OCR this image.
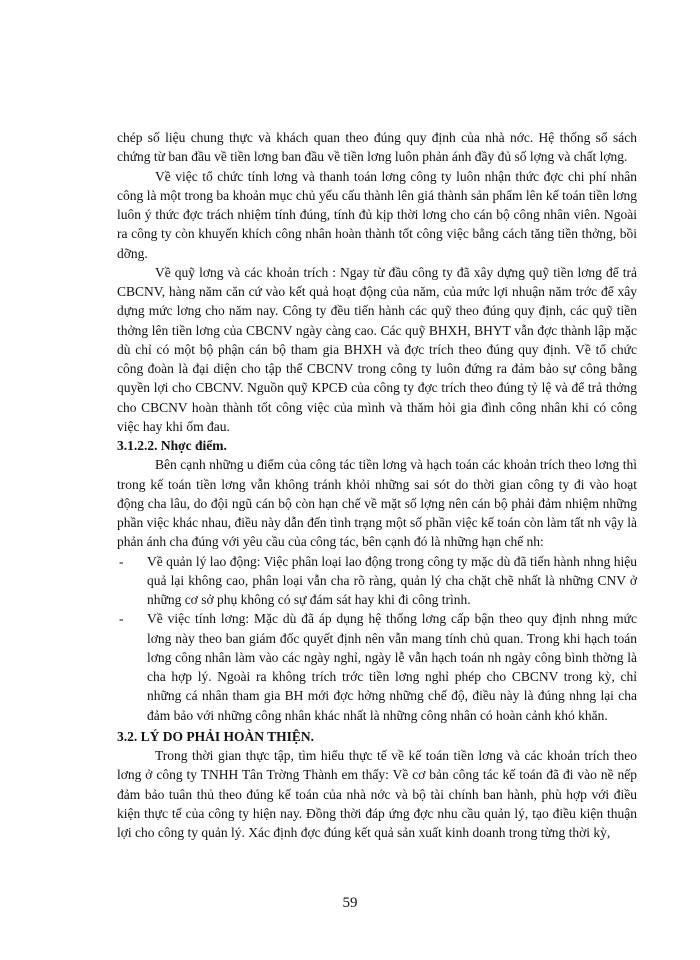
chép số liệu chung thực và khách quan theo đúng quy định của nhà nớc. Hệ thống sổ sách chứng từ ban đầu về tiền lơng ban đầu về tiền lơng luôn phản ánh đầy đủ số lợng và chất lợng.

Về việc tổ chức tính lơng và thanh toán lơng công ty luôn nhận thức đợc chi phí nhân công là một trong ba khoản mục chủ yếu cấu thành lên giá thành sản phẩm lên kế toán tiền lơng luôn ý thức đợc trách nhiệm tính đúng, tính đủ kịp thời lơng cho cán bộ công nhân viên. Ngoài ra công ty còn khuyến khích công nhân hoàn thành tốt công việc bằng cách tăng tiền thởng, bồi dỡng.

Về quỹ lơng và các khoản trích : Ngay từ đầu công ty đã xây dựng quỹ tiền lơng để trả CBCNV, hàng năm căn cứ vào kết quả hoạt động của năm, của mức lợi nhuận năm trớc để xây dựng mức lơng cho năm nay. Công ty đều tiến hành các quỹ theo đúng quy định, các quỹ tiền thởng lên tiền lơng của CBCNV ngày càng cao. Các quỹ BHXH, BHYT vẫn đợc thành lập mặc dù chỉ có một bộ phận cán bộ tham gia BHXH và đợc trích theo đúng quy định. Về tổ chức công đoàn là đại diện cho tập thể CBCNV trong công ty luôn đứng ra đảm bảo sự công bằng quyền lợi cho CBCNV. Nguồn quỹ KPCĐ của công ty đợc trích theo đúng tỷ lệ và để trả thởng cho CBCNV hoàn thành tốt công việc của mình và thăm hỏi gia đình công nhân khi có công việc hay khi ốm đau.

3.1.2.2. Nhợc điểm.

Bên cạnh những u điểm của công tác tiền lơng và hạch toán các khoản trích theo lơng thì trong kế toán tiền lơng vẫn không tránh khỏi những sai sót do thời gian công ty đi vào hoạt động cha lâu, do đội ngũ cán bộ còn hạn chế về mặt số lợng nên cán bộ phải đảm nhiệm những phần việc khác nhau, điều này dẫn đến tình trạng một số phần việc kế toán còn làm tất nh vậy là phản ánh cha đúng với yêu cầu của công tác, bên cạnh đó là những hạn chế nh:

- Về quản lý lao động: Việc phân loại lao động trong công ty mặc dù đã tiến hành nhng hiệu quả lại không cao, phân loại vẫn cha rõ ràng, quản lý cha chặt chẽ nhất là những CNV ở những cơ sở phụ không có sự đám sát hay khi đi công trình.
- Về việc tính lơng: Mặc dù đã áp dụng hệ thống lơng cấp bận theo quy định nhng mức lơng này theo ban giám đốc quyết định nên vẫn mang tính chủ quan. Trong khi hạch toán lơng công nhân làm vào các ngày nghỉ, ngày lễ vẫn hạch toán nh ngày công bình thờng là cha hợp lý. Ngoài ra không trích trớc tiền lơng nghỉ phép cho CBCNV trong kỳ, chỉ những cá nhân tham gia BH mới đợc hởng những chế độ, điều này là đúng nhng lại cha đảm bảo với những công nhân khác nhất là những công nhân có hoàn cảnh khó khăn.

3.2. LÝ DO PHẢI HOÀN THIỆN.

Trong thời gian thực tập, tìm hiểu thực tế về kế toán tiền lơng và các khoản trích theo lơng ở công ty TNHH Tân Trờng Thành em thấy: Về cơ bản công tác kế toán đã đi vào nề nếp đảm bảo tuân thủ theo đúng kế toán của nhà nớc và bộ tài chính ban hành, phù hợp với điều kiện thực tế của công ty hiện nay. Đồng thời đáp ứng đợc nhu cầu quản lý, tạo điều kiện thuận lợi cho công ty quản lý. Xác định đợc đúng kết quả sản xuất kinh doanh trong từng thời kỳ,

59
